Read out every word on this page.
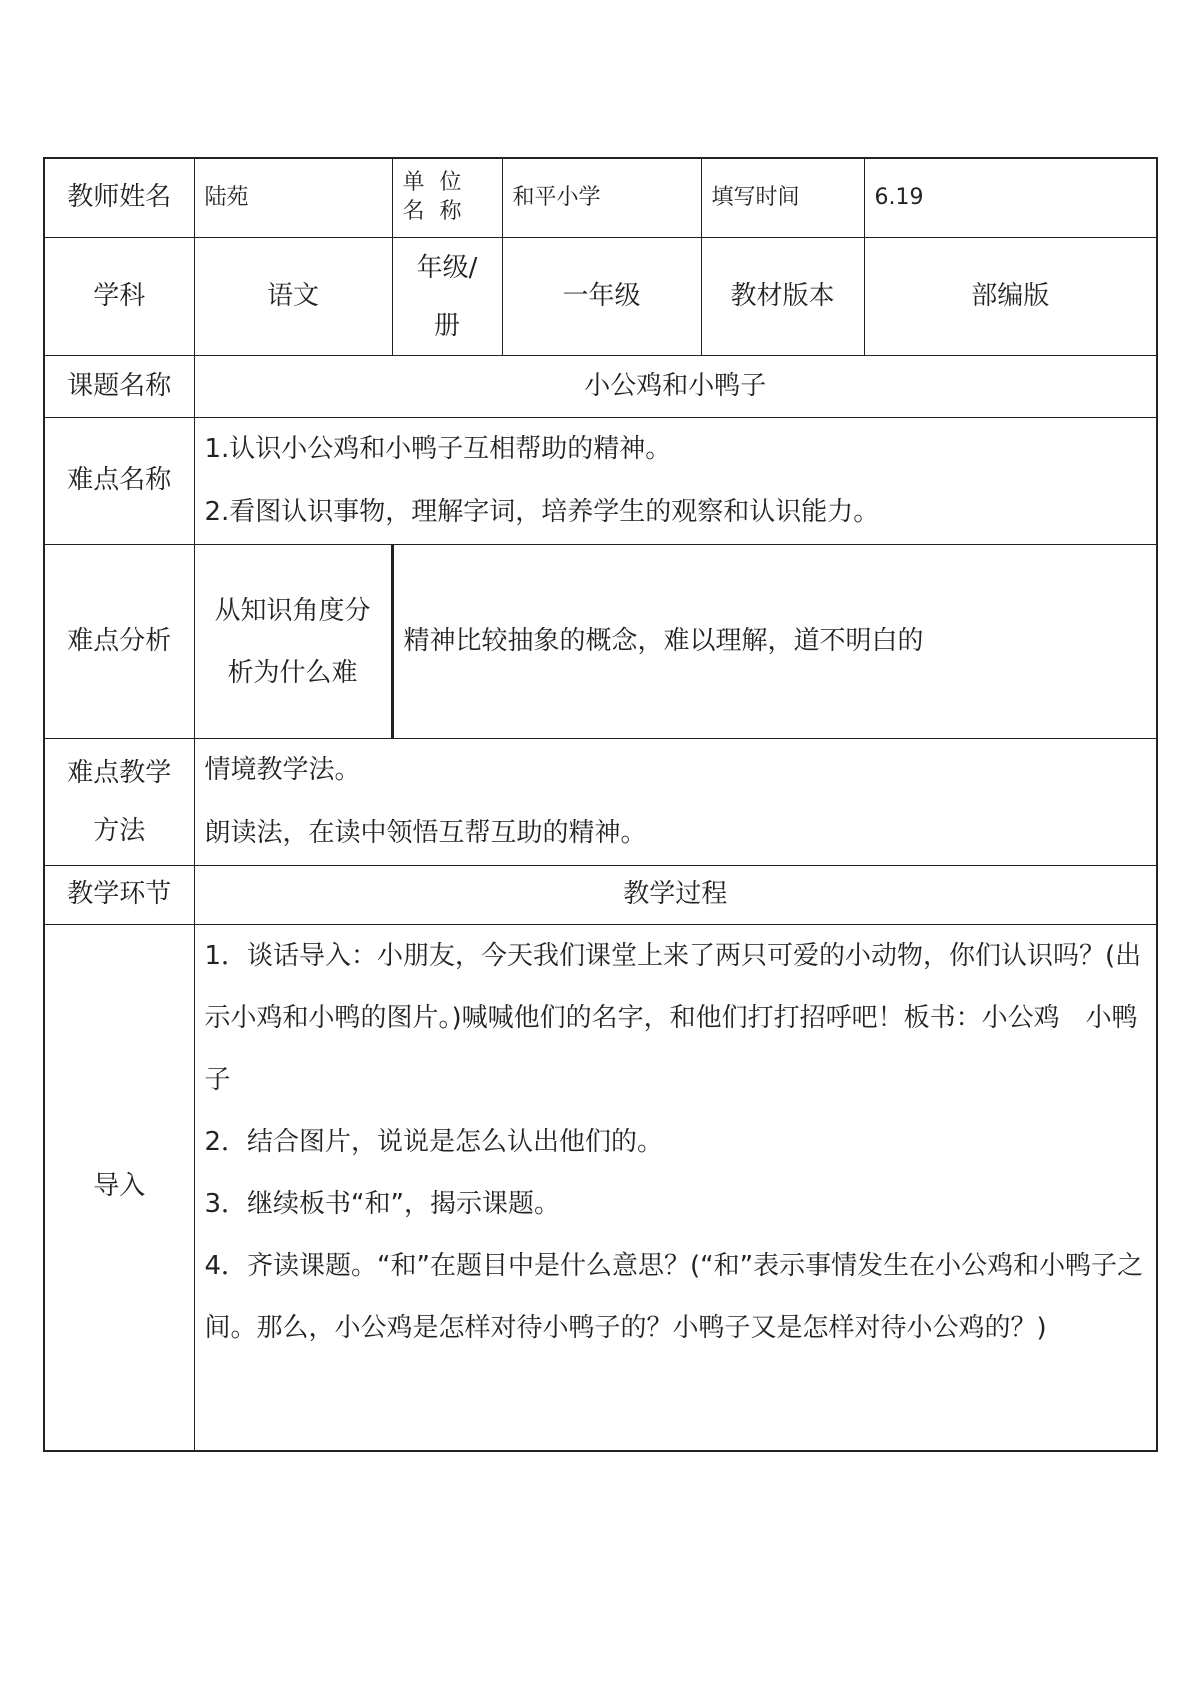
教师姓名	陆苑	单 位 名 称	和平小学	填写时间	6.19
学科	语文	年级/册	一年级	教材版本	部编版
课题名称	小公鸡和小鸭子				
难点名称	1.认识小公鸡和小鸭子互相帮助的精神。

2.看图认识事物，理解字词，培养学生的观察和认识能力。				

难点分析	从知识角度分析为什么难	精神比较抽象的概念，难以理解，道不明白的			
难点教学方法	情境教学法。

朗读法，在读中领悟互帮互助的精神。				

教学环节	教学过程				
导入	1．谈话导入：小朋友，今天我们课堂上来了两只可爱的小动物，你们认识吗？(出示小鸡和小鸭的图片。)喊喊他们的名字，和他们打打招呼吧！板书：小公鸡　小鸭子

2．结合图片，说说是怎么认出他们的。

3．继续板书“和”，揭示课题。

4．齐读课题。“和”在题目中是什么意思？(“和”表示事情发生在小公鸡和小鸭子之间。那么，小公鸡是怎样对待小鸭子的？小鸭子又是怎样对待小公鸡的？)				
